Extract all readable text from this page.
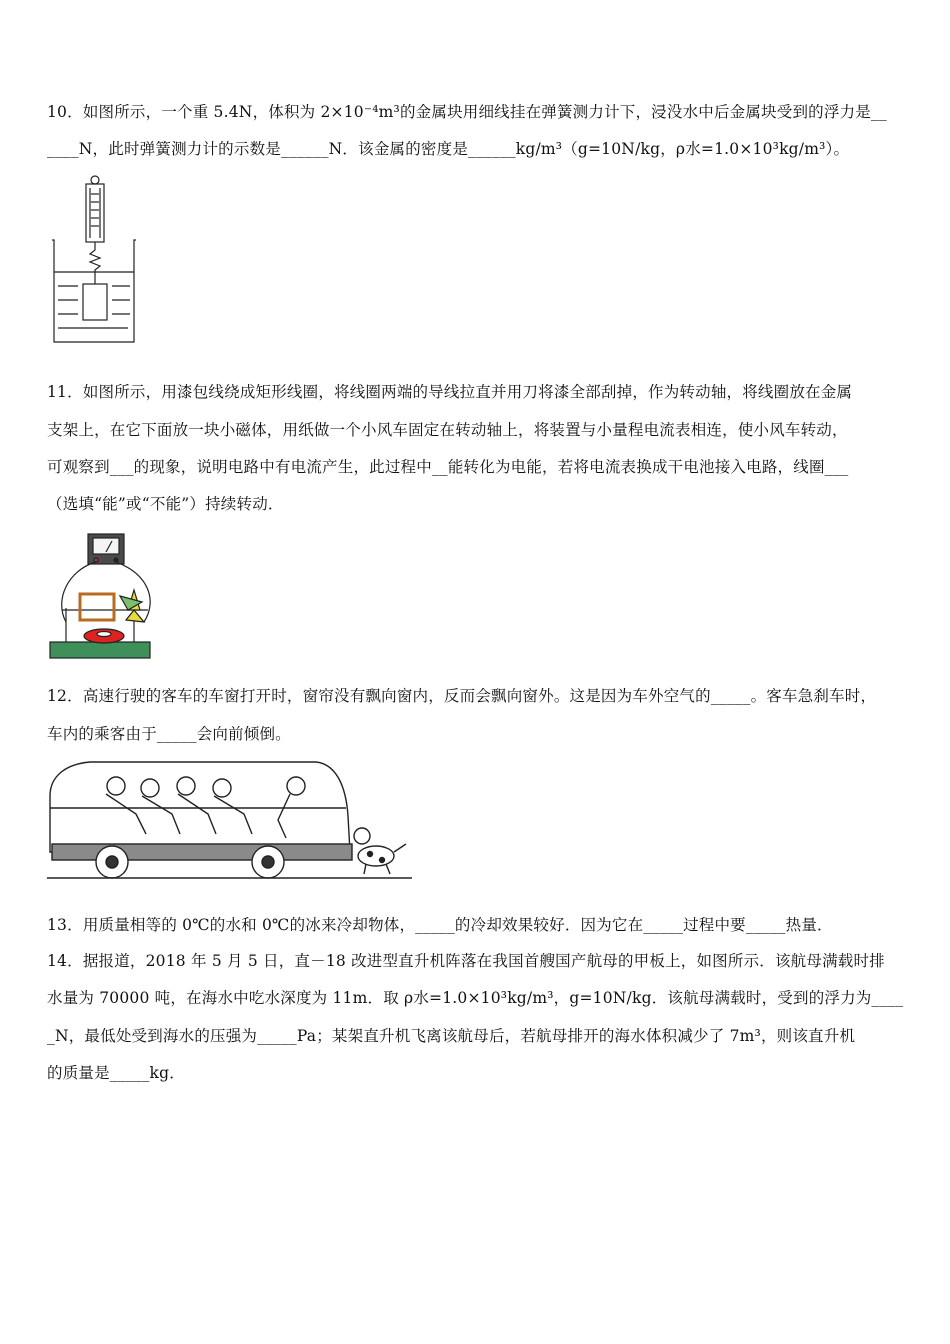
10．如图所示，一个重 5.4N，体积为 2×10⁻⁴m³的金属块用细线挂在弹簧测力计下，浸没水中后金属块受到的浮力是__
____N，此时弹簧测力计的示数是______N．该金属的密度是______kg/m³（g=10N/kg，ρ水=1.0×10³kg/m³）。
11．如图所示，用漆包线绕成矩形线圈，将线圈两端的导线拉直并用刀将漆全部刮掉，作为转动轴，将线圈放在金属
支架上，在它下面放一块小磁体，用纸做一个小风车固定在转动轴上，将装置与小量程电流表相连，使小风车转动，
可观察到___的现象，说明电路中有电流产生，此过程中__能转化为电能，若将电流表换成干电池接入电路，线圈___
（选填“能”或“不能”）持续转动．
12．高速行驶的客车的车窗打开时，窗帘没有飘向窗内，反而会飘向窗外。这是因为车外空气的_____。客车急刹车时，
车内的乘客由于_____会向前倾倒。
13．用质量相等的 0℃的水和 0℃的冰来冷却物体，_____的冷却效果较好．因为它在_____过程中要_____热量．
14．据报道，2018 年 5 月 5 日，直－18 改进型直升机阵落在我国首艘国产航母的甲板上，如图所示．该航母满载时排
水量为 70000 吨，在海水中吃水深度为 11m．取 ρ水=1.0×10³kg/m³，g=10N/kg．该航母满载时，受到的浮力为____
_N，最低处受到海水的压强为_____Pa；某架直升机飞离该航母后，若航母排开的海水体积减少了 7m³，则该直升机
的质量是_____kg．
